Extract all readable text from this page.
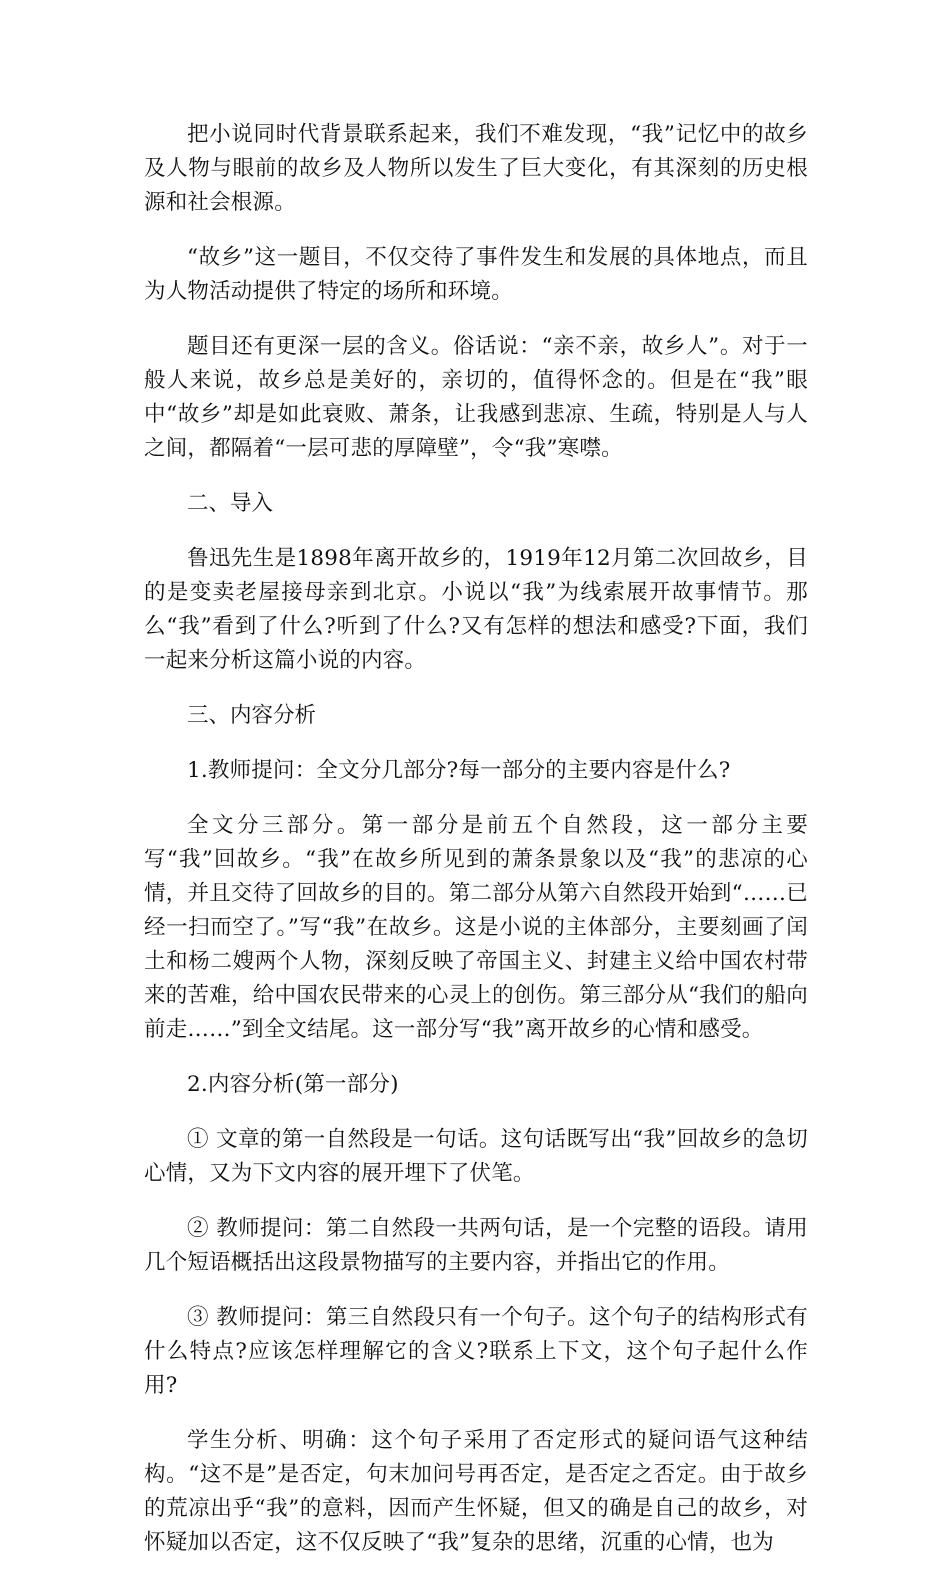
把小说同时代背景联系起来，我们不难发现，“我”记忆中的故乡及人物与眼前的故乡及人物所以发生了巨大变化，有其深刻的历史根源和社会根源。

“故乡”这一题目，不仅交待了事件发生和发展的具体地点，而且为人物活动提供了特定的场所和环境。

题目还有更深一层的含义。俗话说：“亲不亲，故乡人”。对于一般人来说，故乡总是美好的，亲切的，值得怀念的。但是在“我”眼中“故乡”却是如此衰败、萧条，让我感到悲凉、生疏，特别是人与人之间，都隔着“一层可悲的厚障壁”，令“我”寒噤。

二、导入

鲁迅先生是1898年离开故乡的，1919年12月第二次回故乡，目的是变卖老屋接母亲到北京。小说以“我”为线索展开故事情节。那么“我”看到了什么?听到了什么?又有怎样的想法和感受?下面，我们一起来分析这篇小说的内容。

三、内容分析

1.教师提问：全文分几部分?每一部分的主要内容是什么?

全文分三部分。第一部分是前五个自然段，这一部分主要写“我”回故乡。“我”在故乡所见到的萧条景象以及“我”的悲凉的心情，并且交待了回故乡的目的。第二部分从第六自然段开始到“……已经一扫而空了。”写“我”在故乡。这是小说的主体部分，主要刻画了闰土和杨二嫂两个人物，深刻反映了帝国主义、封建主义给中国农村带来的苦难，给中国农民带来的心灵上的创伤。第三部分从“我们的船向前走……”到全文结尾。这一部分写“我”离开故乡的心情和感受。

2.内容分析(第一部分)

① 文章的第一自然段是一句话。这句话既写出“我”回故乡的急切心情，又为下文内容的展开埋下了伏笔。

② 教师提问：第二自然段一共两句话，是一个完整的语段。请用几个短语概括出这段景物描写的主要内容，并指出它的作用。

③ 教师提问：第三自然段只有一个句子。这个句子的结构形式有什么特点?应该怎样理解它的含义?联系上下文，这个句子起什么作用?

学生分析、明确：这个句子采用了否定形式的疑问语气这种结构。“这不是”是否定，句末加问号再否定，是否定之否定。由于故乡的荒凉出乎“我”的意料，因而产生怀疑，但又的确是自己的故乡，对怀疑加以否定，这不仅反映了“我”复杂的思绪，沉重的心情，也为
